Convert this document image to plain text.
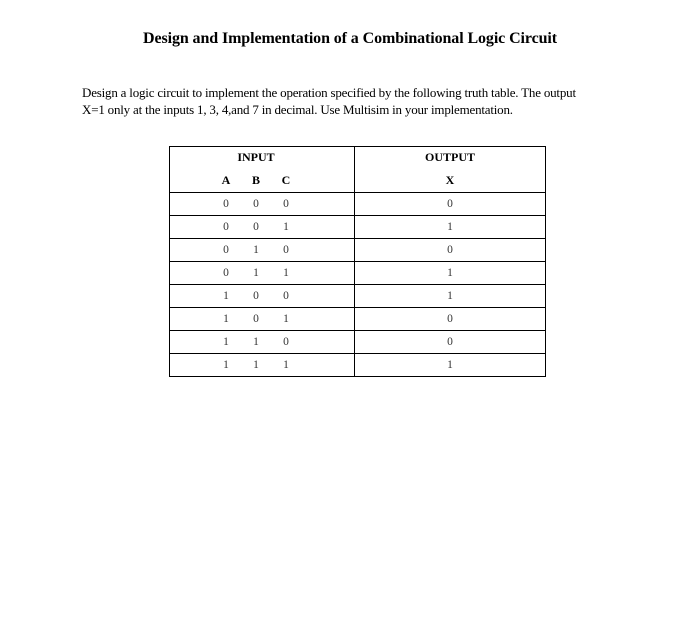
Design and Implementation of a Combinational Logic Circuit
Design a logic circuit to implement the operation specified by the following truth table. The output
X=1 only at the inputs 1, 3, 4,and 7 in decimal. Use Multisim in your implementation.
INPUT	OUTPUT

A B C	X

0 0 0	0

0 0 1	1

0 1 0	0

0 1 1	1

1 0 0	1

1 0 1	0

1 1 0	0

1 1 1	1
